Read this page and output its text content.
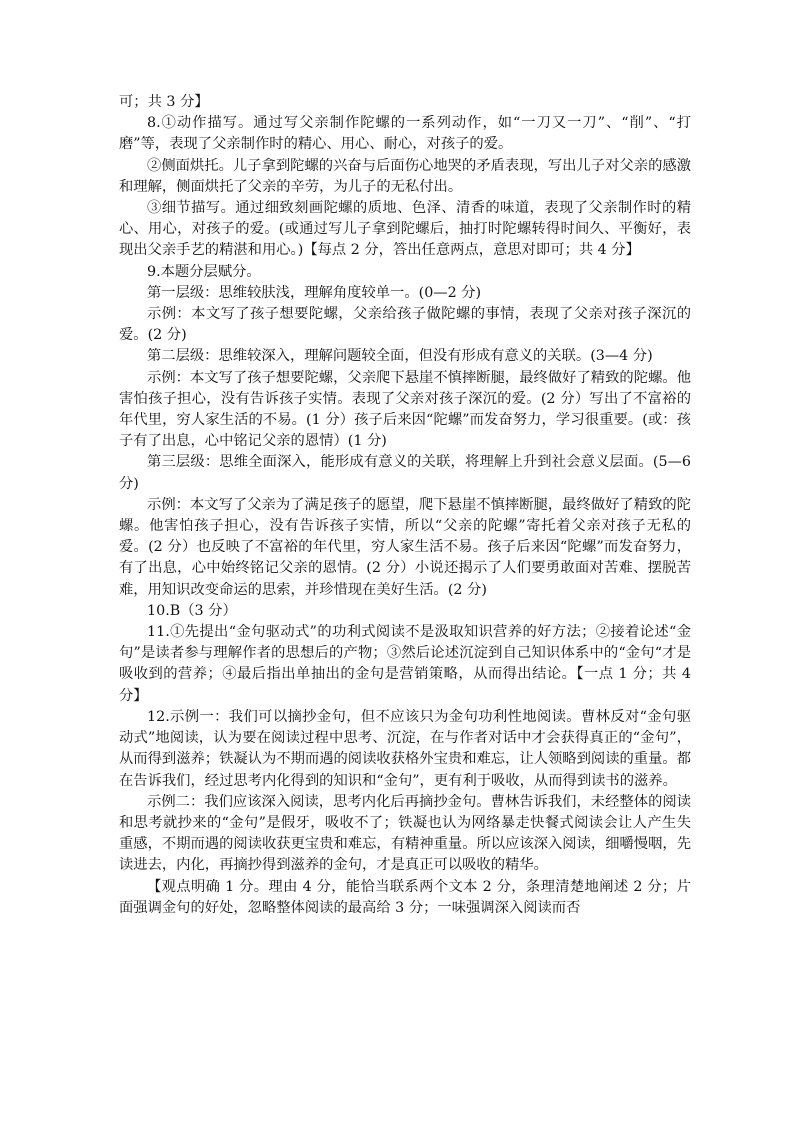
可；共 3 分】

8.①动作描写。通过写父亲制作陀螺的一系列动作，如“一刀又一刀”、“削”、“打磨”等，表现了父亲制作时的精心、用心、耐心，对孩子的爱。

②侧面烘托。儿子拿到陀螺的兴奋与后面伤心地哭的矛盾表现，写出儿子对父亲的感激和理解，侧面烘托了父亲的辛劳，为儿子的无私付出。

③细节描写。通过细致刻画陀螺的质地、色泽、清香的味道，表现了父亲制作时的精心、用心，对孩子的爱。(或通过写儿子拿到陀螺后，抽打时陀螺转得时间久、平衡好，表现出父亲手艺的精湛和用心。)【每点 2 分，答出任意两点，意思对即可；共 4 分】

9.本题分层赋分。

第一层级：思维较肤浅，理解角度较单一。(0—2 分)

示例：本文写了孩子想要陀螺，父亲给孩子做陀螺的事情，表现了父亲对孩子深沉的爱。(2 分)

第二层级：思维较深入，理解问题较全面，但没有形成有意义的关联。(3—4 分)

示例：本文写了孩子想要陀螺，父亲爬下悬崖不慎摔断腿，最终做好了精致的陀螺。他害怕孩子担心，没有告诉孩子实情。表现了父亲对孩子深沉的爱。(2 分）写出了不富裕的年代里，穷人家生活的不易。(1 分）孩子后来因“陀螺”而发奋努力，学习很重要。(或：孩子有了出息，心中铭记父亲的恩情）(1 分)

第三层级：思维全面深入，能形成有意义的关联，将理解上升到社会意义层面。(5—6 分)

示例：本文写了父亲为了满足孩子的愿望，爬下悬崖不慎摔断腿，最终做好了精致的陀螺。他害怕孩子担心，没有告诉孩子实情，所以“父亲的陀螺”寄托着父亲对孩子无私的爱。(2 分）也反映了不富裕的年代里，穷人家生活不易。孩子后来因“陀螺”而发奋努力，有了出息，心中始终铭记父亲的恩情。(2 分）小说还揭示了人们要勇敢面对苦难、摆脱苦难，用知识改变命运的思索，并珍惜现在美好生活。(2 分)

10.B（3 分）

11.①先提出“金句驱动式”的功利式阅读不是汲取知识营养的好方法；②接着论述“金句”是读者参与理解作者的思想后的产物；③然后论述沉淀到自己知识体系中的“金句“才是吸收到的营养；④最后指出单抽出的金句是营销策略，从而得出结论。【一点 1 分；共 4 分】

12.示例一：我们可以摘抄金句，但不应该只为金句功利性地阅读。曹林反对“金句驱动式”地阅读，认为要在阅读过程中思考、沉淀，在与作者对话中才会获得真正的“金句”，从而得到滋养；铁凝认为不期而遇的阅读收获格外宝贵和难忘，让人领略到阅读的重量。都在告诉我们，经过思考内化得到的知识和“金句”，更有利于吸收，从而得到读书的滋养。

示例二：我们应该深入阅读，思考内化后再摘抄金句。曹林告诉我们，未经整体的阅读和思考就抄来的“金句”是假牙，吸收不了；铁凝也认为网络暴走快餐式阅读会让人产生失重感，不期而遇的阅读收获更宝贵和难忘，有精神重量。所以应该深入阅读，细嚼慢咽，先读进去，内化，再摘抄得到滋养的金句，才是真正可以吸收的精华。

【观点明确 1 分。理由 4 分，能恰当联系两个文本 2 分，条理清楚地阐述 2 分；片面强调金句的好处，忽略整体阅读的最高给 3 分；一味强调深入阅读而否
